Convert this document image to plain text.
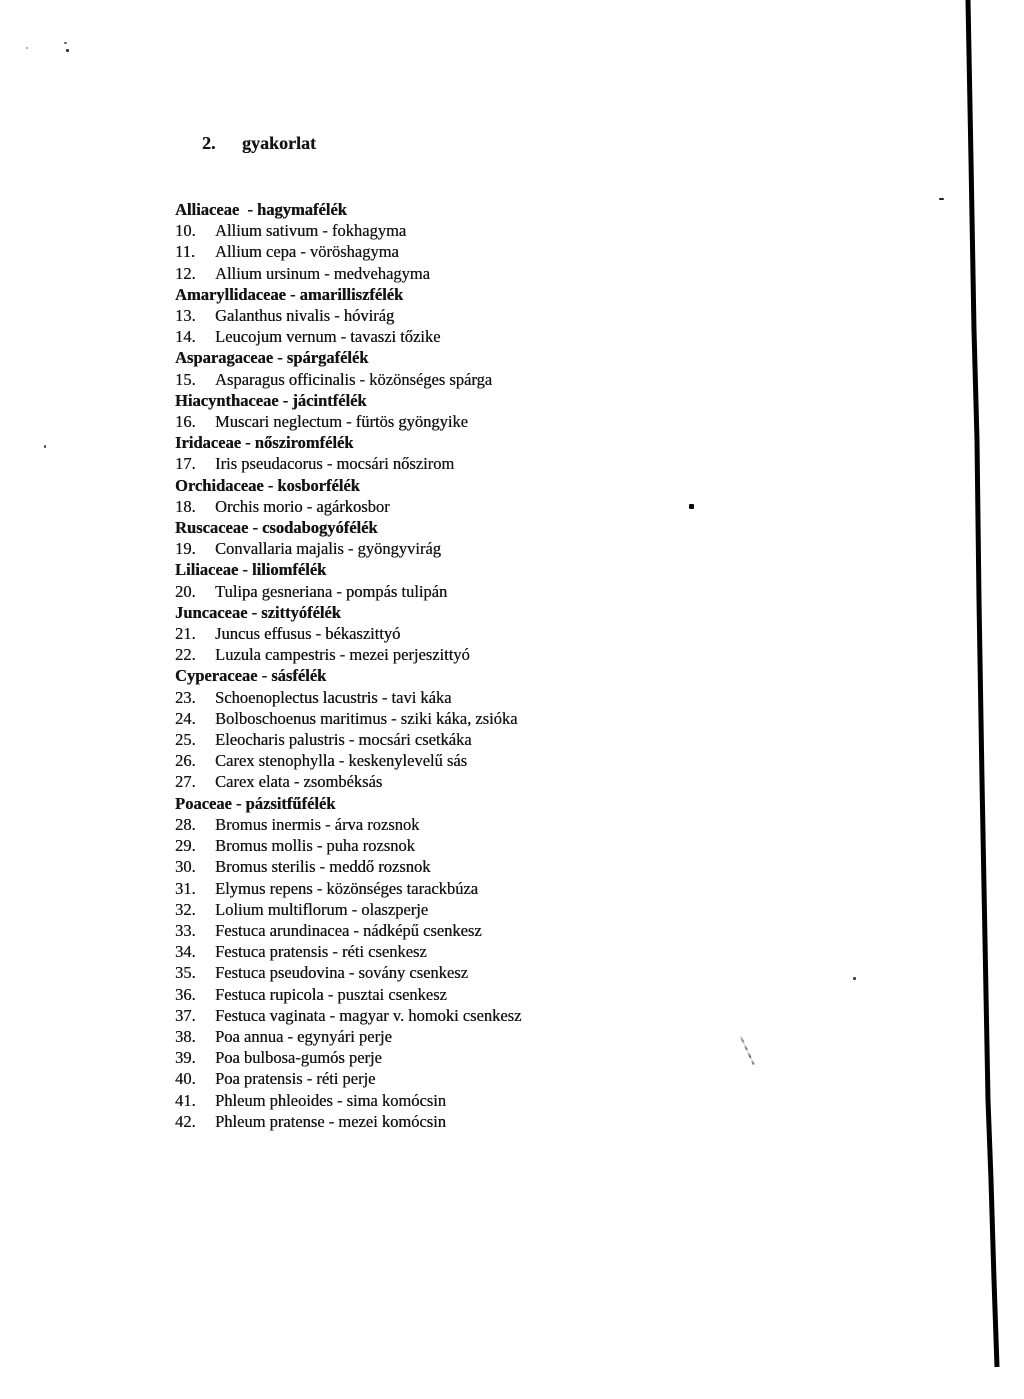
2. gyakorlat

Alliaceae  - hagymafélék
10. Allium sativum - fokhagyma
11. Allium cepa - vöröshagyma
12. Allium ursinum - medvehagyma
Amaryllidaceae - amarilliszfélék
13. Galanthus nivalis - hóvirág
14. Leucojum vernum - tavaszi tőzike
Asparagaceae - spárgafélék
15. Asparagus officinalis - közönséges spárga
Hiacynthaceae - jácintfélék
16. Muscari neglectum - fürtös gyöngyike
Iridaceae - nősziromfélék
17. Iris pseudacorus - mocsári nőszirom
Orchidaceae - kosborfélék
18. Orchis morio - agárkosbor
Ruscaceae - csodabogyófélék
19. Convallaria majalis - gyöngyvirág
Liliaceae - liliomfélék
20. Tulipa gesneriana - pompás tulipán
Juncaceae - szittyófélék
21. Juncus effusus - békaszittyó
22. Luzula campestris - mezei perjeszittyó
Cyperaceae - sásfélék
23. Schoenoplectus lacustris - tavi káka
24. Bolboschoenus maritimus - sziki káka, zsióka
25. Eleocharis palustris - mocsári csetkáka
26. Carex stenophylla - keskenylevelű sás
27. Carex elata - zsombéksás
Poaceae - pázsitfűfélék
28. Bromus inermis - árva rozsnok
29. Bromus mollis - puha rozsnok
30. Bromus sterilis - meddő rozsnok
31. Elymus repens - közönséges tarackbúza
32. Lolium multiflorum - olaszperje
33. Festuca arundinacea - nádképű csenkesz
34. Festuca pratensis - réti csenkesz
35. Festuca pseudovina - sovány csenkesz
36. Festuca rupicola - pusztai csenkesz
37. Festuca vaginata - magyar v. homoki csenkesz
38. Poa annua - egynyári perje
39. Poa bulbosa-gumós perje
40. Poa pratensis - réti perje
41. Phleum phleoides - sima komócsin
42. Phleum pratense - mezei komócsin
